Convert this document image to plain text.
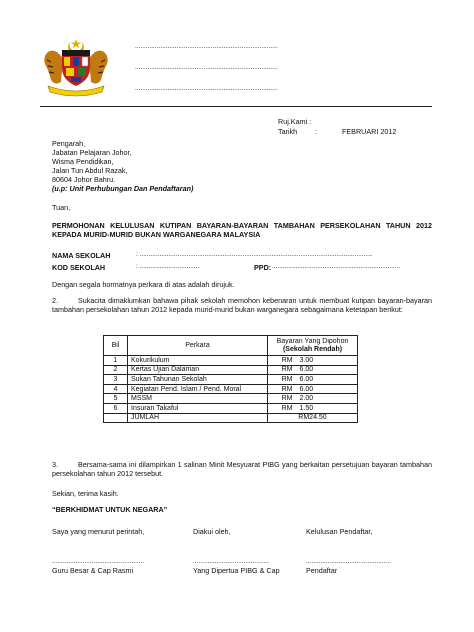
...............................................................................
...............................................................................
...............................................................................
Ruj.Kami :
Tarikh :	FEBRUARI 2012
Pengarah,
Jabatan Pelajaran Johor,
Wisma Pendidikan,
Jalan Tun Abdul Razak,
80604 Johor Bahru.
(u.p: Unit Perhubungan Dan Pendaftaran)
Tuan,
PERMOHONAN KELULUSAN KUTIPAN BAYARAN-BAYARAN TAMBAHAN PERSEKOLAHAN TAHUN 2012 KEPADA MURID-MURID BUKAN WARGANEGARA MALAYSIA
NAMA SEKOLAH	: .................................................................................................................................
KOD SEKOLAH	: .................................	PPD: .......................................................................
Dengan segala hormatnya perkara di atas adalah dirujuk.
2.	Sukacita dimaklumkan bahawa pihak sekolah memohon kebenaran untuk membuat kutipan bayaran-bayaran tambahan persekolahan tahun 2012 kepada murid-murid bukan warganegara sebagaimana ketetapan berikut:
Bil	Perkara	Bayaran Yang Dipohon
(Sekolah Rendah)	

1	Kokurikulum	RM	3.00
2	Kertas Ujian Dalaman	RM	6.00
3	Sukan Tahunan Sekolah	RM	6.00
4	Kegiatan Pend. Islam / Pend. Moral	RM	6.00
5	MSSM	RM	2.00
6	Insuran Takaful	RM	1.50
	JUMLAH	RM24.50	
3.	Bersama-sama ini dilampirkan 1 salinan Minit Mesyuarat PIBG yang berkaitan persetujuan bayaran tambahan persekolahan tahun 2012 tersebut.
Sekian, terima kasih.
“BERKHIDMAT UNTUK NEGARA”
Saya yang menurut perintah,	Diakui oleh,	Kelulusan Pendaftar,
...................................................	..........................................	...............................................
Guru Besar & Cap Rasmi	Yang Dipertua PIBG & Cap	Pendaftar
